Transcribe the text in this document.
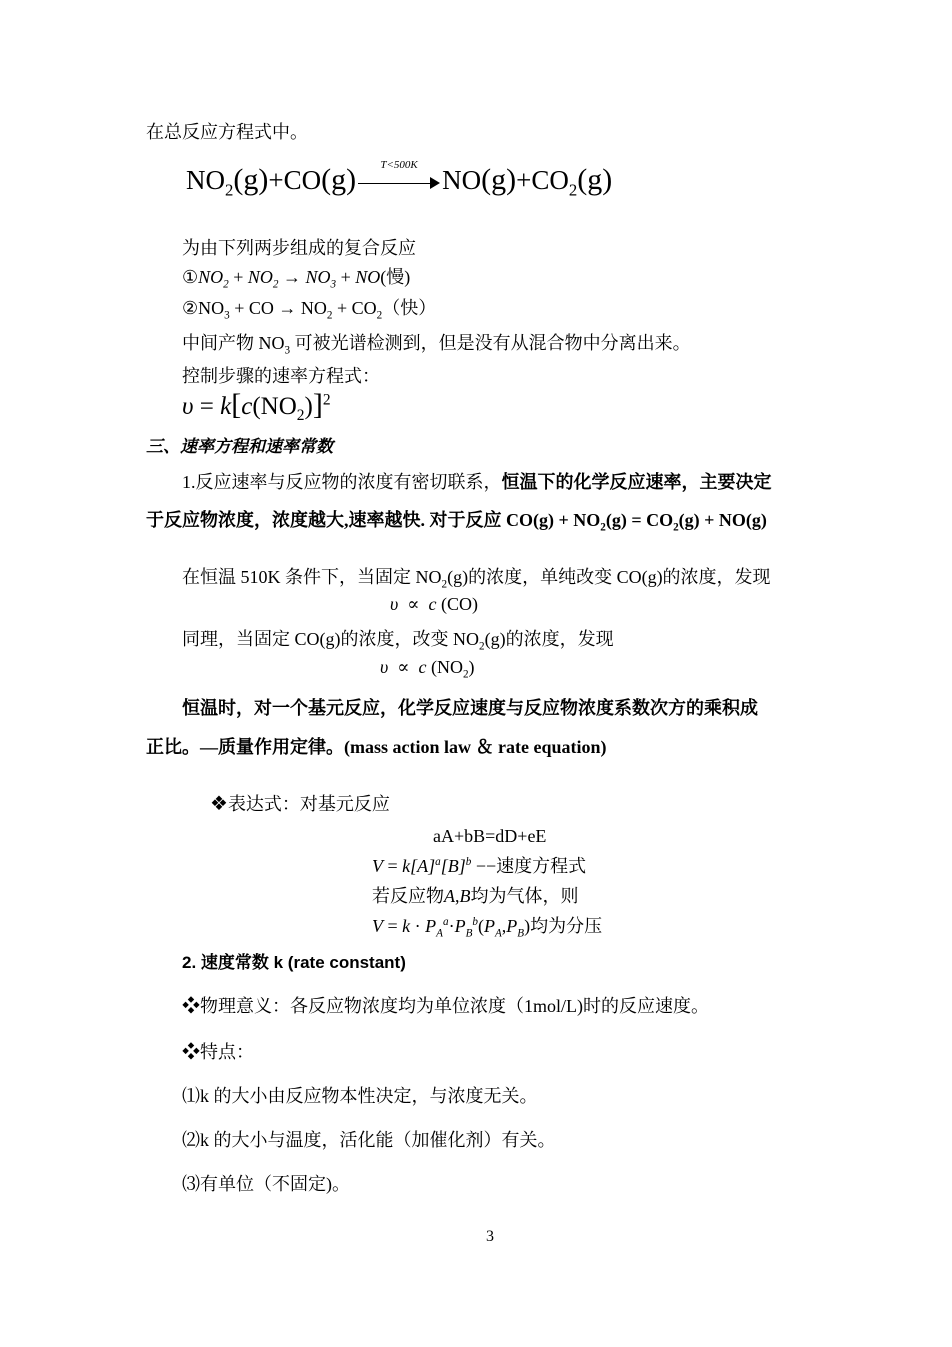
在总反应方程式中。
$NO_2(g)+CO(g)$	T<500K
$NO(g)+CO_2(g)$
为由下列两步组成的复合反应
$①NO_2 + NO_2 \to NO_3 + NO$(慢)
$②NO_3$ + CO → $NO_2 + CO_2$（快）
中间产物 $NO_3$ 可被光谱检测到，但是没有从混合物中分离出来。
控制步骤的速率方程式：
$\upsilon = k[c(NO_2)]^2$
三、速率方程和速率常数
1.反应速率与反应物的浓度有密切联系，恒温下的化学反应速率，主要决定
于反应物浓度，浓度越大,速率越快. 对于反应 $CO(g) + NO_2(g) = CO_2(g) + NO(g)$
在恒温 510K 条件下，当固定 $NO_2(g)$的浓度，单纯改变 CO(g)的浓度，发现
υ ∝ c (CO)
同理，当固定 CO(g)的浓度，改变 $NO_2(g)$的浓度，发现
υ ∝ c $(NO_2)$
恒温时，对一个基元反应，化学反应速度与反应物浓度系数次方的乘积成
正比。—质量作用定律。(mass action law ＆ rate equation)
❖表达式：对基元反应
aA+bB=dD+eE
$V = k[A]^a[B]^b$ −−速度方程式
若反应物A,B均为气体，则
$V = k \cdot P_A^a\cdot P_B^b(P_A,P_B)$均为分压
2. 速度常数 k (rate constant)
❖物理意义：各反应物浓度均为单位浓度（1mol/L)时的反应速度。
❖特点：
⑴k 的大小由反应物本性决定，与浓度无关。
⑵k 的大小与温度，活化能（加催化剂）有关。
⑶有单位（不固定)。
3
